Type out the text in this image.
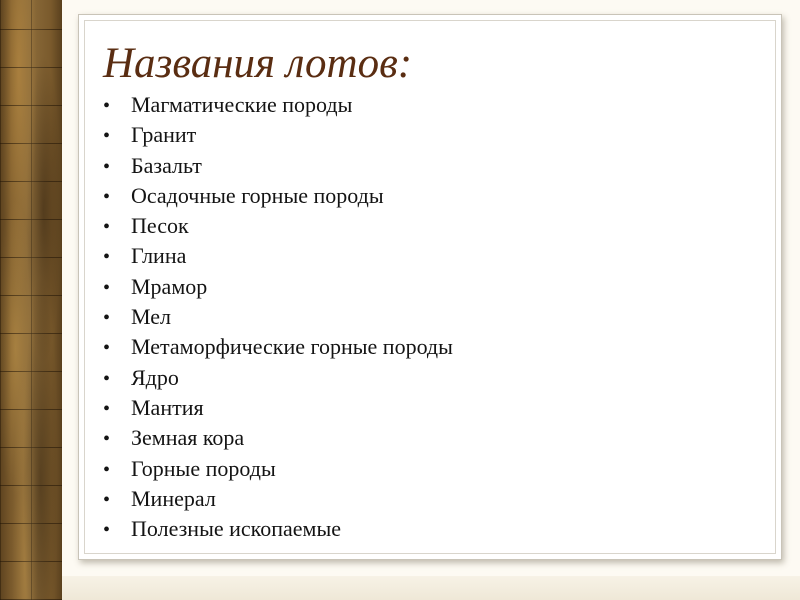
Названия лотов:
• Магматические породы
• Гранит
• Базальт
• Осадочные горные породы
• Песок
• Глина
• Мрамор
• Мел
• Метаморфические горные породы
• Ядро
• Мантия
• Земная кора
• Горные породы
• Минерал
• Полезные ископаемые
